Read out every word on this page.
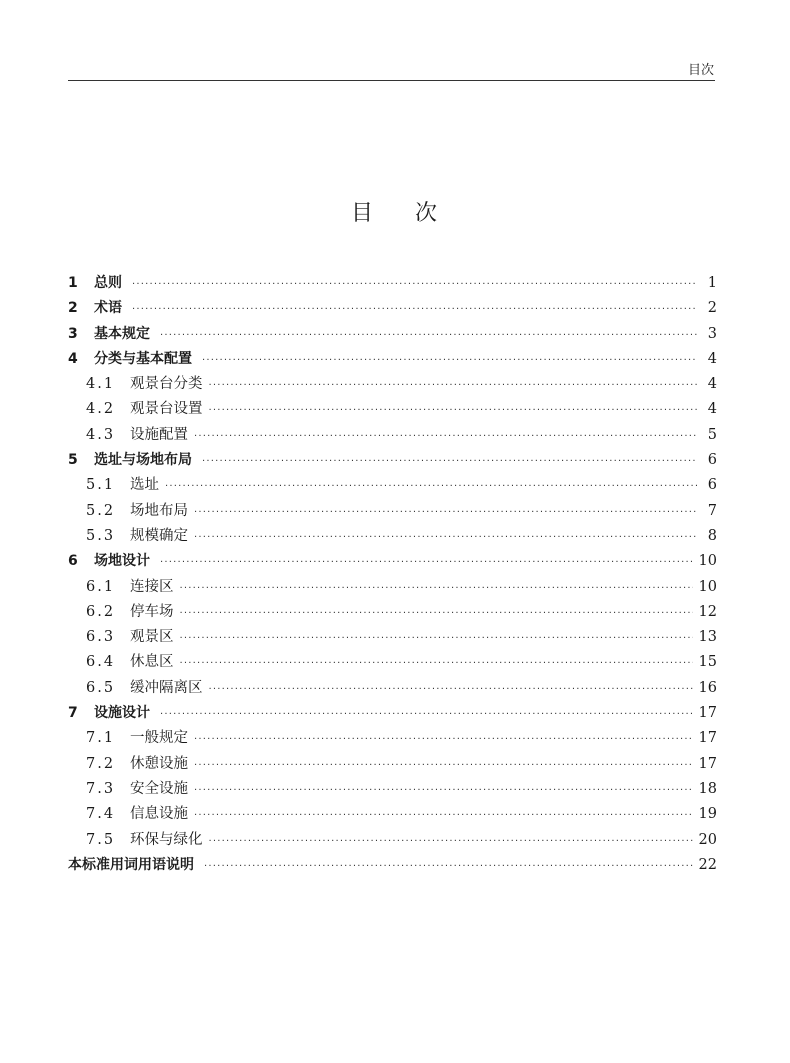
目次
目 次
1	总则 ·····	1
2	术语 ·····	2
3	基本规定 ·····	3
4	分类与基本配置 ·····	4
4.1	观景台分类 ·····	4
4.2	观景台设置 ·····	4
4.3	设施配置 ·····	5
5	选址与场地布局 ·····	6
5.1	选址 ·····	6
5.2	场地布局 ·····	7
5.3	规模确定 ·····	8
6	场地设计 ·····	10
6.1	连接区 ·····	10
6.2	停车场 ·····	12
6.3	观景区 ·····	13
6.4	休息区 ·····	15
6.5	缓冲隔离区 ·····	16
7	设施设计 ·····	17
7.1	一般规定 ·····	17
7.2	休憩设施 ·····	17
7.3	安全设施 ·····	18
7.4	信息设施 ·····	19
7.5	环保与绿化 ·····	20
本标准用词用语说明 ·····	22
